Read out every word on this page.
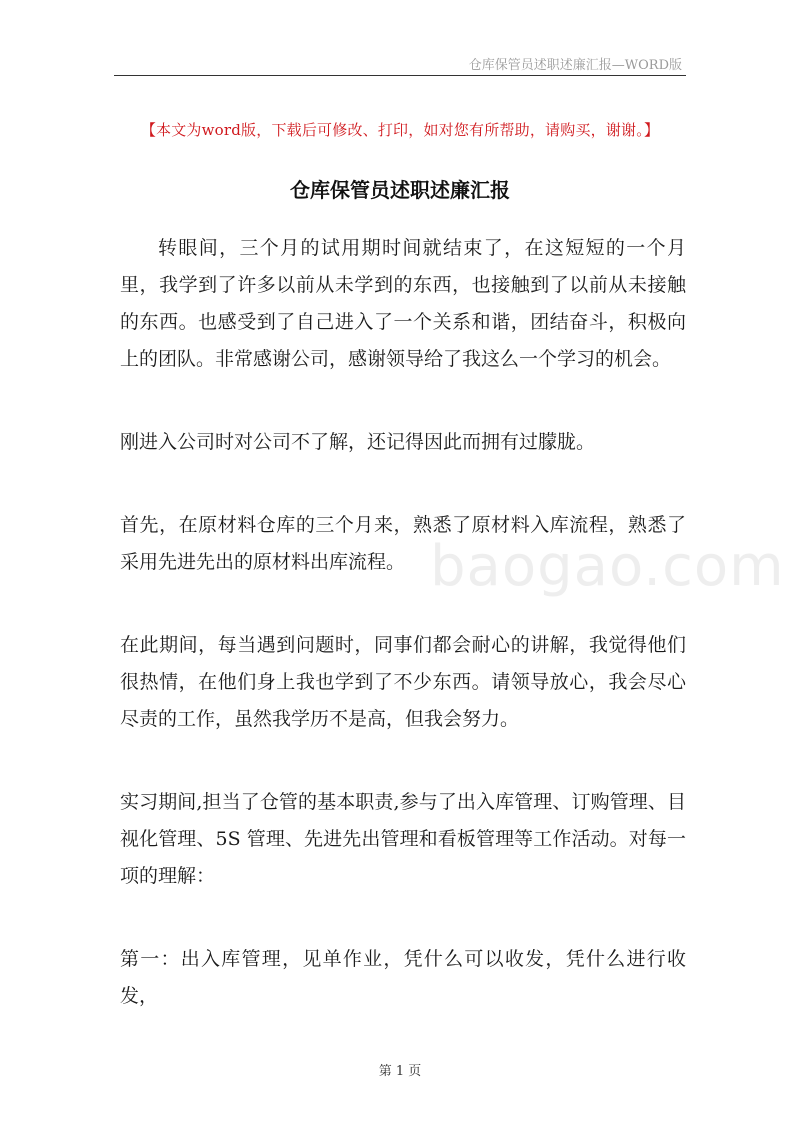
仓库保管员述职述廉汇报—WORD版
【本文为word版，下载后可修改、打印，如对您有所帮助，请购买，谢谢。】
仓库保管员述职述廉汇报

转眼间，三个月的试用期时间就结束了，在这短短的一个月里，我学到了许多以前从未学到的东西，也接触到了以前从未接触的东西。也感受到了自己进入了一个关系和谐，团结奋斗，积极向上的团队。非常感谢公司，感谢领导给了我这么一个学习的机会。

刚进入公司时对公司不了解，还记得因此而拥有过朦胧。

首先，在原材料仓库的三个月来，熟悉了原材料入库流程，熟悉了采用先进先出的原材料出库流程。

在此期间，每当遇到问题时，同事们都会耐心的讲解，我觉得他们很热情，在他们身上我也学到了不少东西。请领导放心，我会尽心尽责的工作，虽然我学历不是高，但我会努力。

实习期间,担当了仓管的基本职责,参与了出入库管理、订购管理、目视化管理、5S 管理、先进先出管理和看板管理等工作活动。对每一项的理解：

第一：出入库管理，见单作业，凭什么可以收发，凭什么进行收发，

baogao.com
第 1 页
